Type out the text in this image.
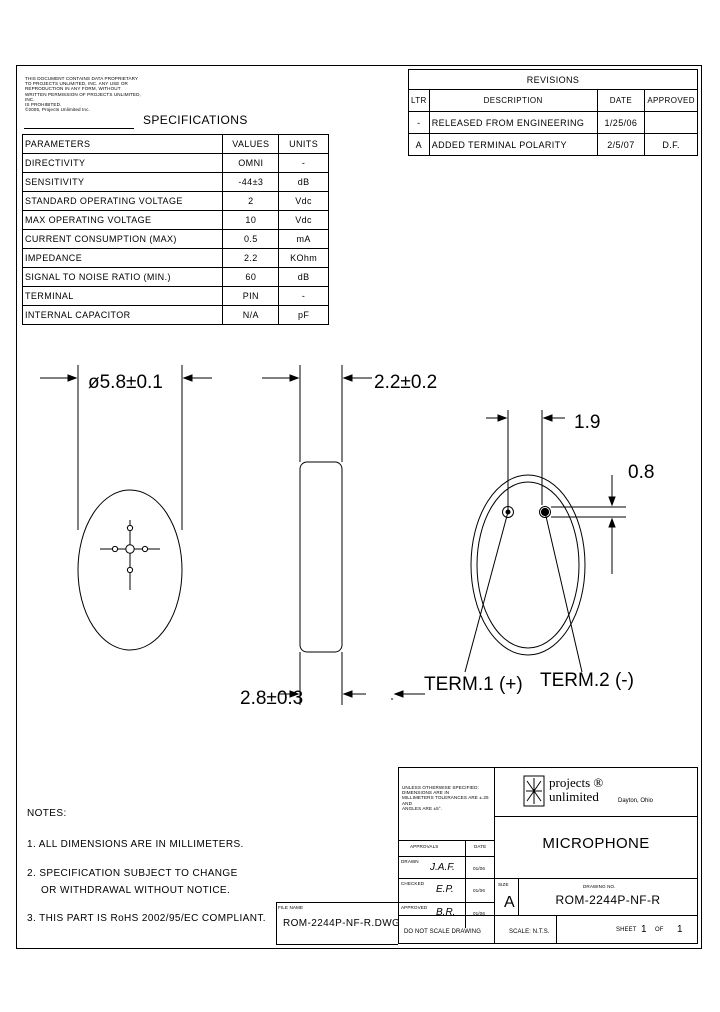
THIS DOCUMENT CONTAINS DATA PROPRIETARY
TO PROJECTS UNLIMITED, INC. ANY USE OR
REPRODUCTION IN ANY FORM, WITHOUT
WRITTEN PERMISSION OF PROJECTS UNLIMITED, INC.
IS PROHIBITED.
©2005, Projects Unlimited Inc.
SPECIFICATIONS
PARAMETERS	VALUES	UNITS
DIRECTIVITY	OMNI	-
SENSITIVITY	-44±3	dB
STANDARD OPERATING VOLTAGE	2	Vdc
MAX OPERATING VOLTAGE	10	Vdc
CURRENT CONSUMPTION (MAX)	0.5	mA
IMPEDANCE	2.2	KOhm
SIGNAL TO NOISE RATIO (MIN.)	60	dB
TERMINAL	PIN	-
INTERNAL CAPACITOR	N/A	pF
REVISIONS			
LTR	DESCRIPTION	DATE	APPROVED
-	RELEASED FROM ENGINEERING	1/25/06	
A	ADDED TERMINAL POLARITY	2/5/07	D.F.
ø5.8±0.1	2.2±0.2
1.9
0.8
2.8±0.3
TERM.1 (+) TERM.2 (-)
NOTES:
1. ALL DIMENSIONS ARE IN MILLIMETERS.
2. SPECIFICATION SUBJECT TO CHANGE
OR WITHDRAWAL WITHOUT NOTICE.
3. THIS PART IS RoHS 2002/95/EC COMPLIANT.
UNLESS OTHERWISE SPECIFIED:
DIMENSIONS ARE IN
MILLIMETERS TOLERANCES ARE ±.25 AND
ANGLES ARE ±5°.
projects ®
unlimited	Dayton, Ohio
MICROPHONE
APPROVALS	DATE
DRAWN
J.A.F.	01/06
CHECKED
E.P.	01/06
APPROVED B.R.	01/06
FILE NAME
ROM-2244P-NF-R.DWG
SIZE
A
DRAWING NO.
ROM-2244P-NF-R
DO NOT SCALE DRAWING	SCALE: N.T.S.	SHEET 1 OF 1
